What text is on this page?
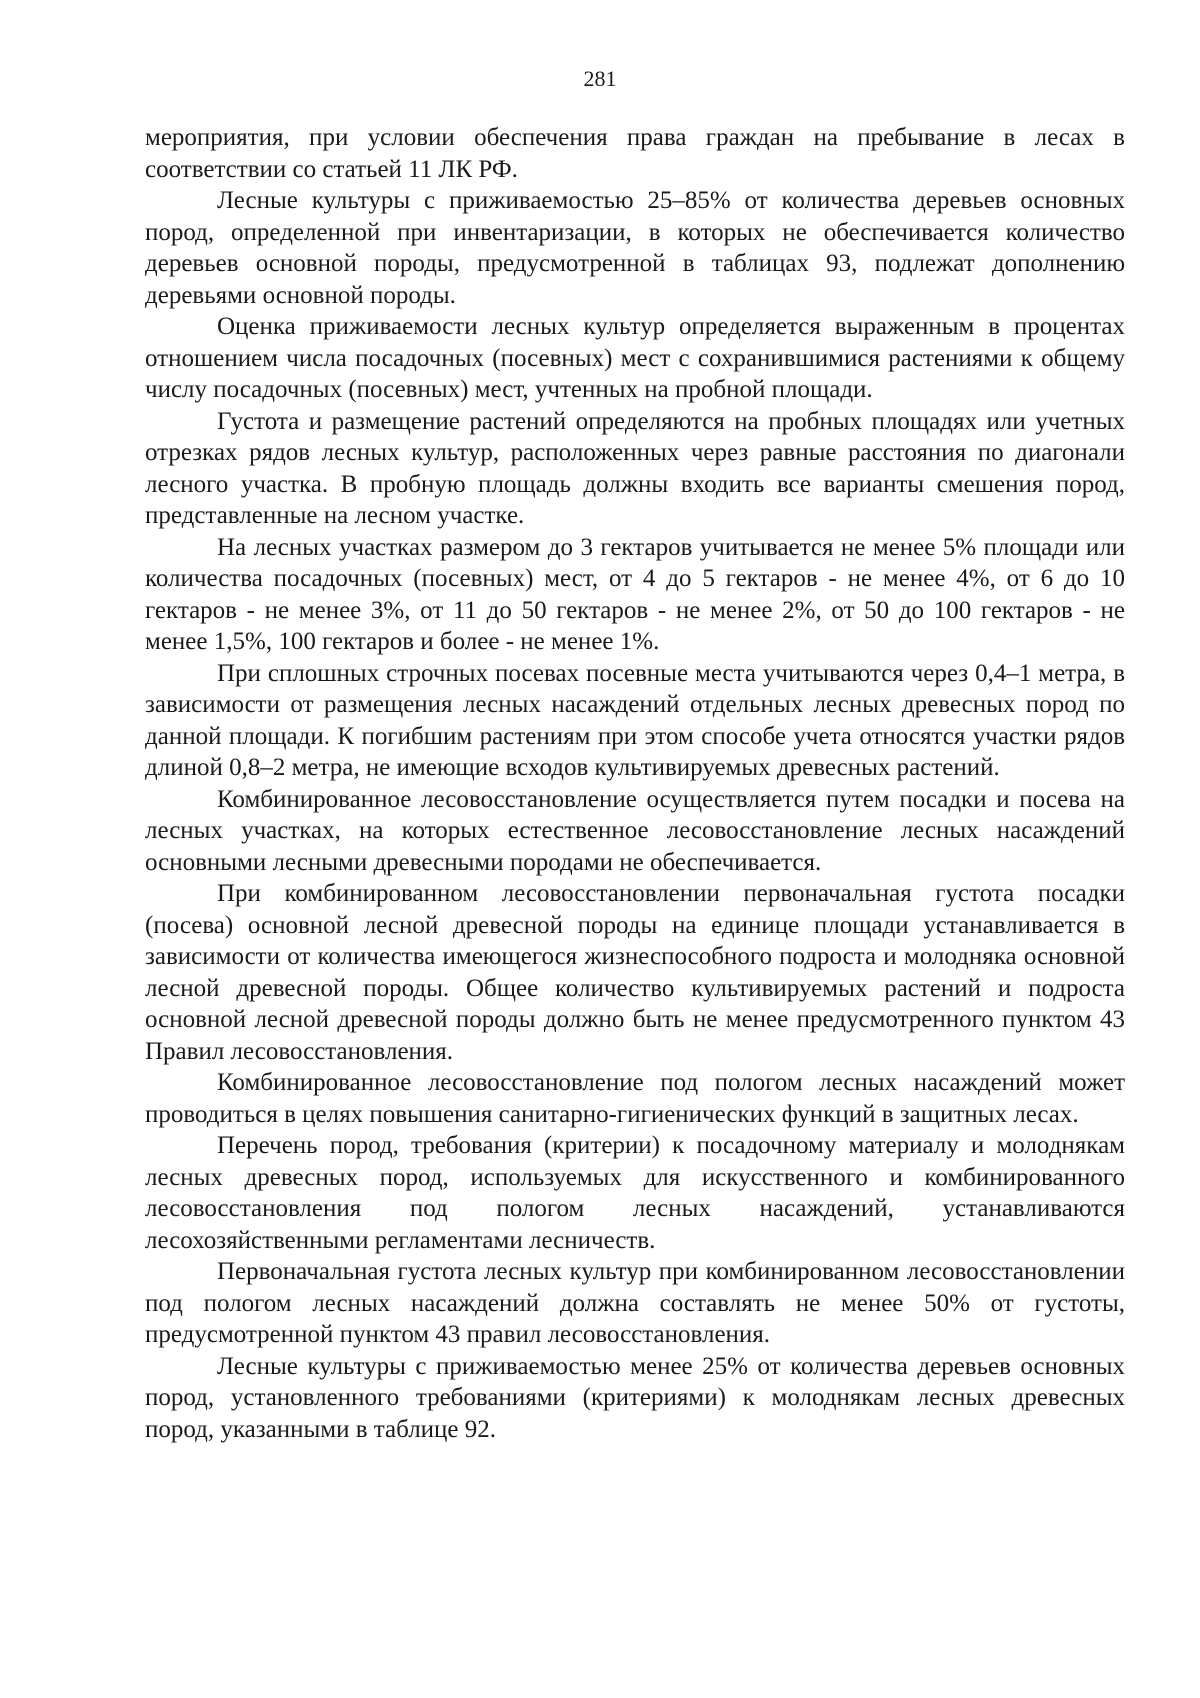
281

мероприятия, при условии обеспечения права граждан на пребывание в лесах в соответствии со статьей 11 ЛК РФ.

Лесные культуры с приживаемостью 25–85% от количества деревьев основных пород, определенной при инвентаризации, в которых не обеспечивается количество деревьев основной породы, предусмотренной в таблицах 93, подлежат дополнению деревьями основной породы.

Оценка приживаемости лесных культур определяется выраженным в процентах отношением числа посадочных (посевных) мест с сохранившимися растениями к общему числу посадочных (посевных) мест, учтенных на пробной площади.

Густота и размещение растений определяются на пробных площадях или учетных отрезках рядов лесных культур, расположенных через равные расстояния по диагонали лесного участка. В пробную площадь должны входить все варианты смешения пород, представленные на лесном участке.

На лесных участках размером до 3 гектаров учитывается не менее 5% площади или количества посадочных (посевных) мест, от 4 до 5 гектаров - не менее 4%, от 6 до 10 гектаров - не менее 3%, от 11 до 50 гектаров - не менее 2%, от 50 до 100 гектаров - не менее 1,5%, 100 гектаров и более - не менее 1%.

При сплошных строчных посевах посевные места учитываются через 0,4–1 метра, в зависимости от размещения лесных насаждений отдельных лесных древесных пород по данной площади. К погибшим растениям при этом способе учета относятся участки рядов длиной 0,8–2 метра, не имеющие всходов культивируемых древесных растений.

Комбинированное лесовосстановление осуществляется путем посадки и посева на лесных участках, на которых естественное лесовосстановление лесных насаждений основными лесными древесными породами не обеспечивается.

При комбинированном лесовосстановлении первоначальная густота посадки (посева) основной лесной древесной породы на единице площади устанавливается в зависимости от количества имеющегося жизнеспособного подроста и молодняка основной лесной древесной породы. Общее количество культивируемых растений и подроста основной лесной древесной породы должно быть не менее предусмотренного пунктом 43 Правил лесовосстановления.

Комбинированное лесовосстановление под пологом лесных насаждений может проводиться в целях повышения санитарно-гигиенических функций в защитных лесах.

Перечень пород, требования (критерии) к посадочному материалу и молоднякам лесных древесных пород, используемых для искусственного и комбинированного лесовосстановления под пологом лесных насаждений, устанавливаются лесохозяйственными регламентами лесничеств.

Первоначальная густота лесных культур при комбинированном лесовосстановлении под пологом лесных насаждений должна составлять не менее 50% от густоты, предусмотренной пунктом 43 правил лесовосстановления.

Лесные культуры с приживаемостью менее 25% от количества деревьев основных пород, установленного требованиями (критериями) к молоднякам лесных древесных пород, указанными в таблице 92.
